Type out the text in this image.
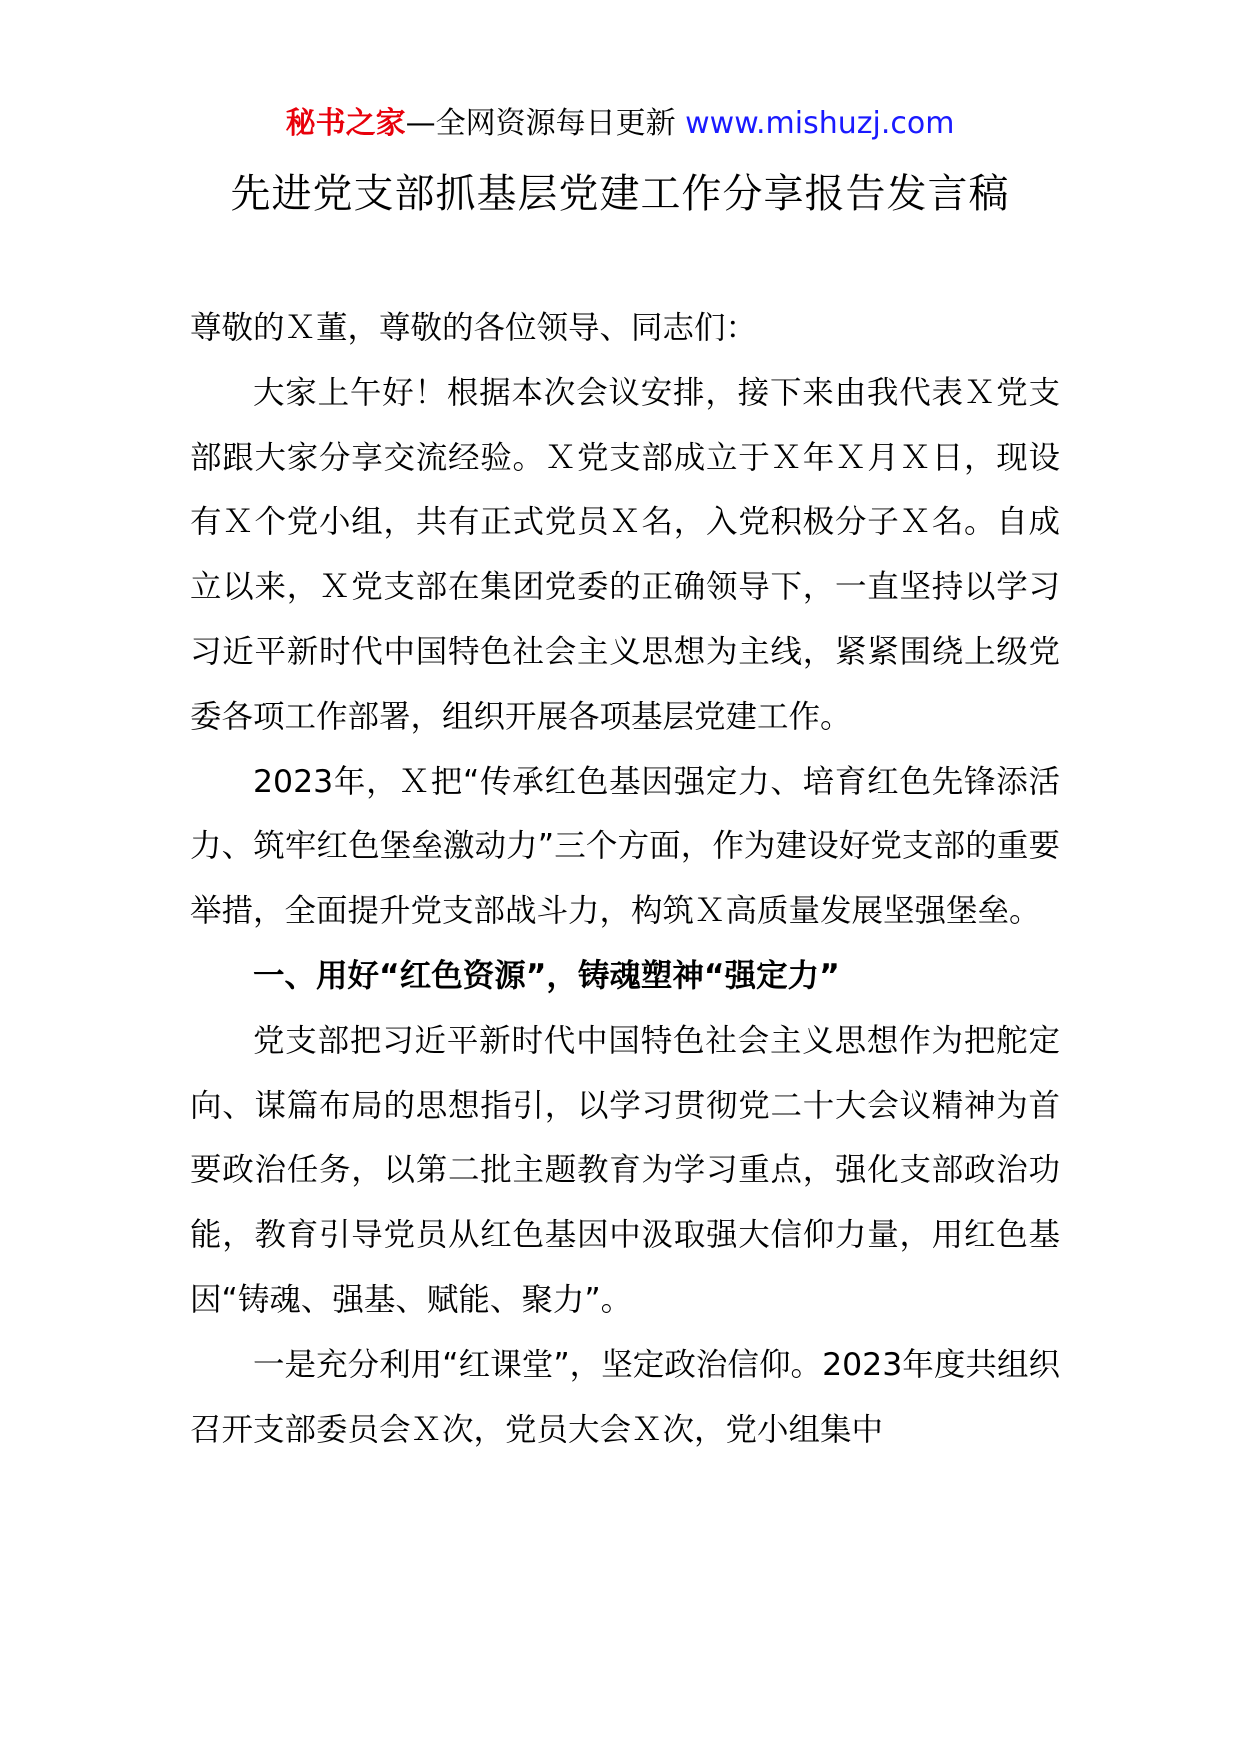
秘书之家—全网资源每日更新 www.mishuzj.com
先进党支部抓基层党建工作分享报告发言稿

尊敬的Ｘ董，尊敬的各位领导、同志们：

大家上午好！根据本次会议安排，接下来由我代表Ｘ党支部跟大家分享交流经验。Ｘ党支部成立于Ｘ年Ｘ月Ｘ日，现设有Ｘ个党小组，共有正式党员Ｘ名，入党积极分子Ｘ名。自成立以来，Ｘ党支部在集团党委的正确领导下，一直坚持以学习习近平新时代中国特色社会主义思想为主线，紧紧围绕上级党委各项工作部署，组织开展各项基层党建工作。

2023年，Ｘ把“传承红色基因强定力、培育红色先锋添活力、筑牢红色堡垒激动力”三个方面，作为建设好党支部的重要举措，全面提升党支部战斗力，构筑Ｘ高质量发展坚强堡垒。

一、用好“红色资源”，铸魂塑神“强定力”

党支部把习近平新时代中国特色社会主义思想作为把舵定向、谋篇布局的思想指引，以学习贯彻党二十大会议精神为首要政治任务，以第二批主题教育为学习重点，强化支部政治功能，教育引导党员从红色基因中汲取强大信仰力量，用红色基因“铸魂、强基、赋能、聚力”。

一是充分利用“红课堂”，坚定政治信仰。2023年度共组织召开支部委员会Ｘ次，党员大会Ｘ次，党小组集中
